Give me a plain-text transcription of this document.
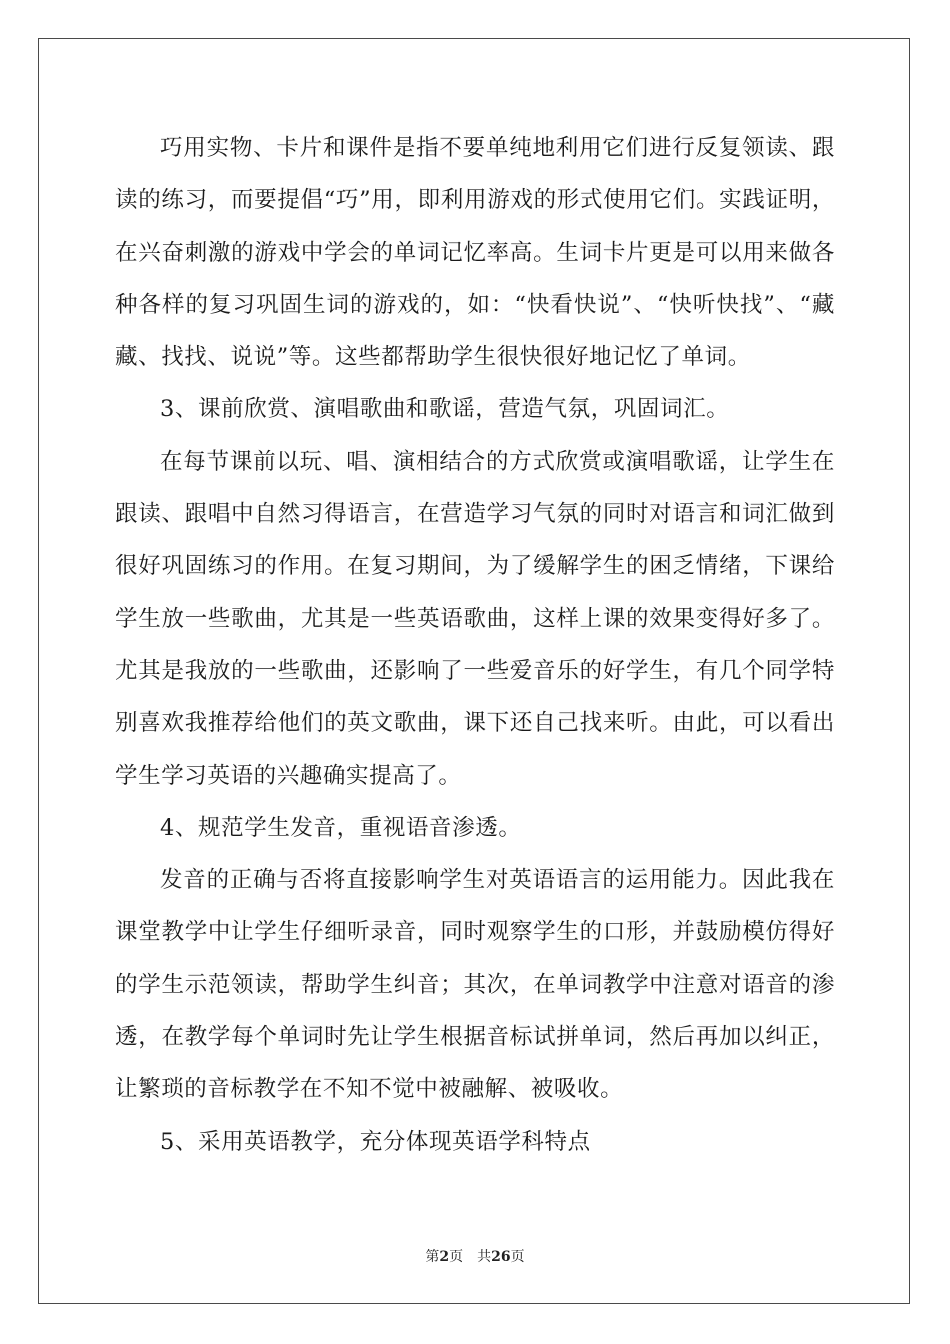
巧用实物、卡片和课件是指不要单纯地利用它们进行反复领读、跟读的练习，而要提倡“巧”用，即利用游戏的形式使用它们。实践证明，在兴奋刺激的游戏中学会的单词记忆率高。生词卡片更是可以用来做各种各样的复习巩固生词的游戏的，如：“快看快说”、“快听快找”、“藏藏、找找、说说”等。这些都帮助学生很快很好地记忆了单词。

3、课前欣赏、演唱歌曲和歌谣，营造气氛，巩固词汇。

在每节课前以玩、唱、演相结合的方式欣赏或演唱歌谣，让学生在跟读、跟唱中自然习得语言，在营造学习气氛的同时对语言和词汇做到很好巩固练习的作用。在复习期间，为了缓解学生的困乏情绪，下课给学生放一些歌曲，尤其是一些英语歌曲，这样上课的效果变得好多了。尤其是我放的一些歌曲，还影响了一些爱音乐的好学生，有几个同学特别喜欢我推荐给他们的英文歌曲，课下还自己找来听。由此，可以看出学生学习英语的兴趣确实提高了。

4、规范学生发音，重视语音渗透。

发音的正确与否将直接影响学生对英语语言的运用能力。因此我在课堂教学中让学生仔细听录音，同时观察学生的口形，并鼓励模仿得好的学生示范领读，帮助学生纠音；其次，在单词教学中注意对语音的渗透，在教学每个单词时先让学生根据音标试拼单词，然后再加以纠正，让繁琐的音标教学在不知不觉中被融解、被吸收。

5、采用英语教学，充分体现英语学科特点

第2页 共26页
